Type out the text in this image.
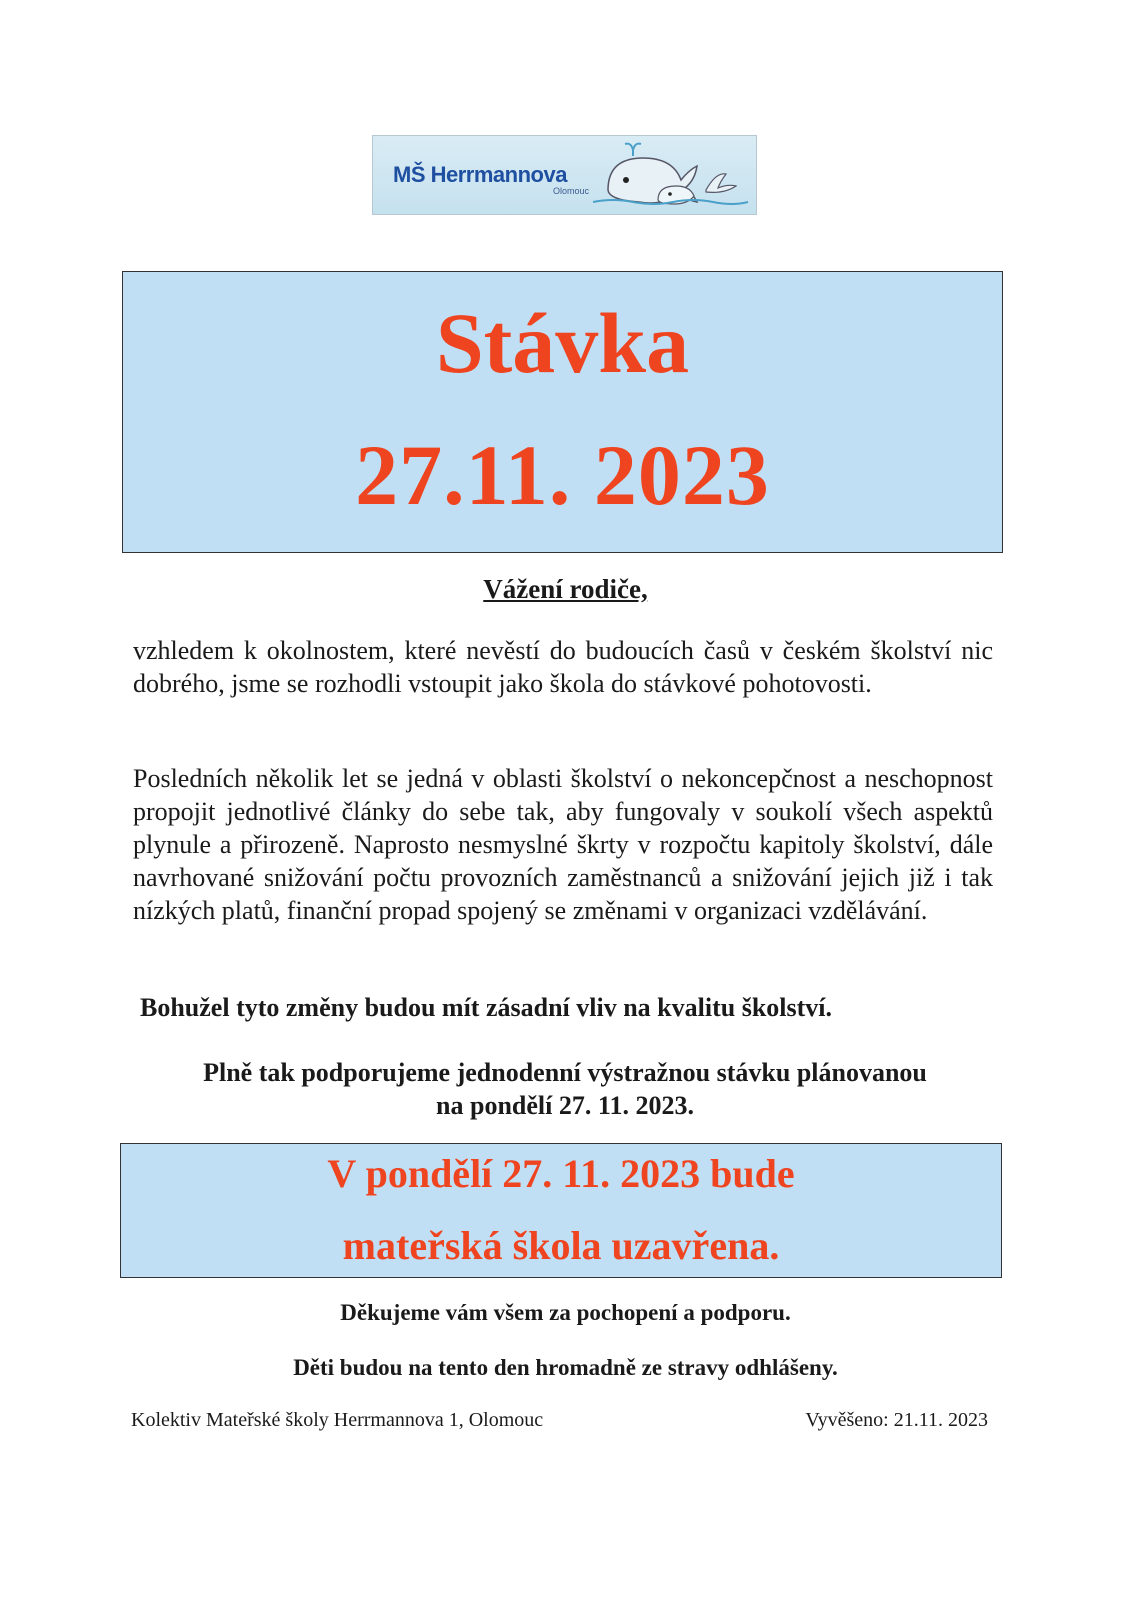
MŠ Herrmannova
Olomouc
Stávka
27.11. 2023
Vážení rodiče,
vzhledem k okolnostem, které nevěstí do budoucích časů v českém školství nic dobrého, jsme se rozhodli vstoupit jako škola do stávkové pohotovosti.
Posledních několik let se jedná v oblasti školství o nekoncepčnost a neschopnost propojit jednotlivé články do sebe tak, aby fungovaly v soukolí všech aspektů plynule a přirozeně. Naprosto nesmyslné škrty v rozpočtu kapitoly školství, dále navrhované snižování počtu provozních zaměstnanců a snižování jejich již i tak nízkých platů, finanční propad spojený se změnami v organizaci vzdělávání.
Bohužel tyto změny budou mít zásadní vliv na kvalitu školství.
Plně tak podporujeme jednodenní výstražnou stávku plánovanou
na pondělí 27. 11. 2023.
V pondělí 27. 11. 2023 bude
mateřská škola uzavřena.
Děkujeme vám všem za pochopení a podporu.
Děti budou na tento den hromadně ze stravy odhlášeny.
Kolektiv Mateřské školy Herrmannova 1, Olomouc	Vyvěšeno: 21.11. 2023
